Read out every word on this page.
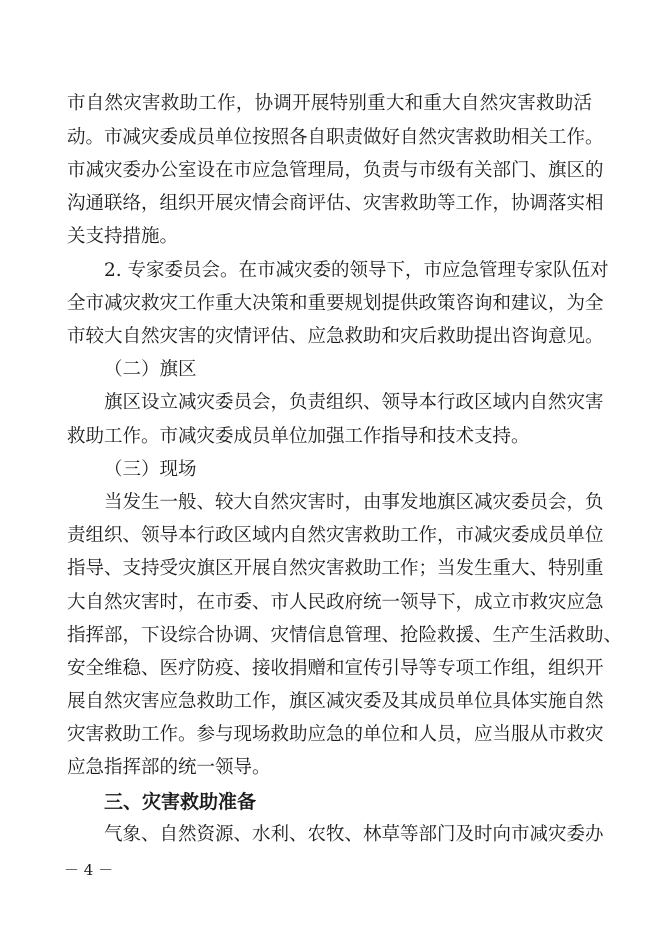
市自然灾害救助工作，协调开展特别重大和重大自然灾害救助活
动。市减灾委成员单位按照各自职责做好自然灾害救助相关工作。
市减灾委办公室设在市应急管理局，负责与市级有关部门、旗区的
沟通联络，组织开展灾情会商评估、灾害救助等工作，协调落实相
关支持措施。
2. 专家委员会。在市减灾委的领导下，市应急管理专家队伍对
全市减灾救灾工作重大决策和重要规划提供政策咨询和建议，为全
市较大自然灾害的灾情评估、应急救助和灾后救助提出咨询意见。
（二）旗区
旗区设立减灾委员会，负责组织、领导本行政区域内自然灾害
救助工作。市减灾委成员单位加强工作指导和技术支持。
（三）现场
当发生一般、较大自然灾害时，由事发地旗区减灾委员会，负
责组织、领导本行政区域内自然灾害救助工作，市减灾委成员单位
指导、支持受灾旗区开展自然灾害救助工作；当发生重大、特别重
大自然灾害时，在市委、市人民政府统一领导下，成立市救灾应急
指挥部，下设综合协调、灾情信息管理、抢险救援、生产生活救助、
安全维稳、医疗防疫、接收捐赠和宣传引导等专项工作组，组织开
展自然灾害应急救助工作，旗区减灾委及其成员单位具体实施自然
灾害救助工作。参与现场救助应急的单位和人员，应当服从市救灾
应急指挥部的统一领导。
三、灾害救助准备
气象、自然资源、水利、农牧、林草等部门及时向市减灾委办
－ 4 －
